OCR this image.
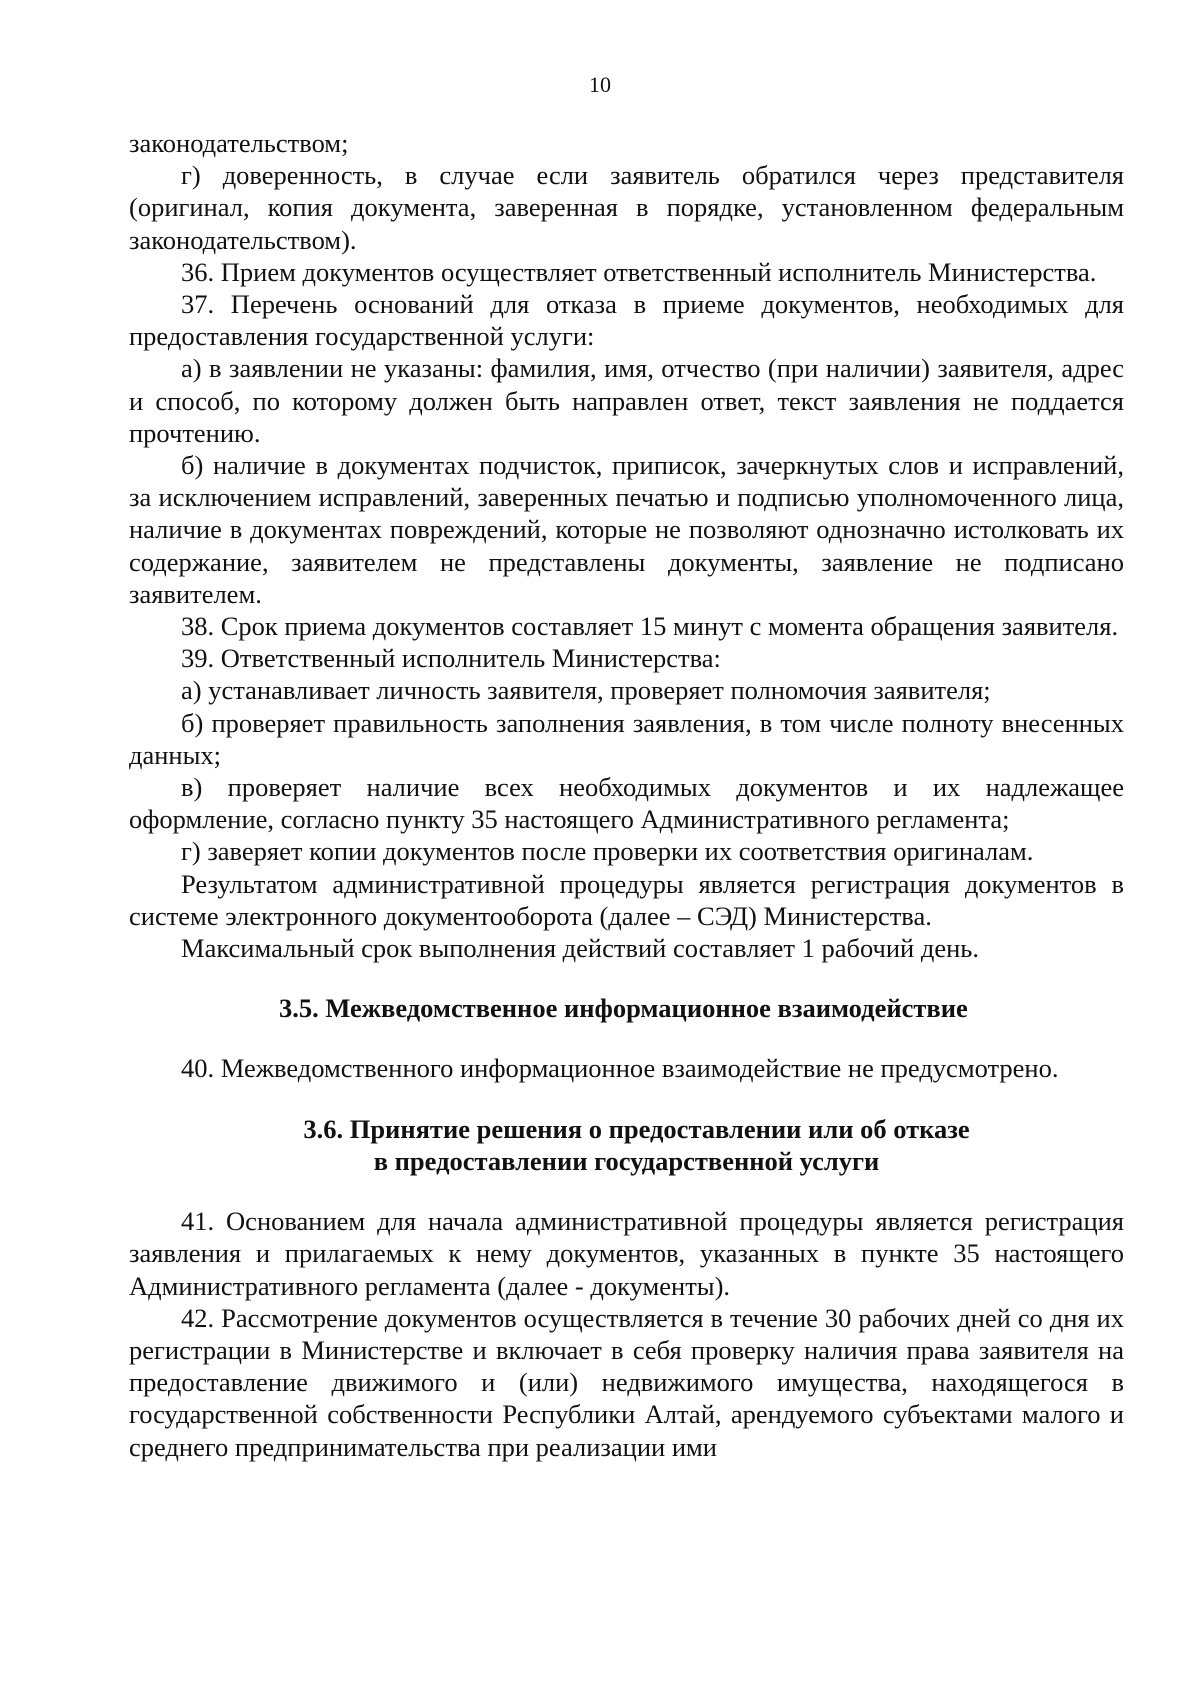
10

законодательством;

г) доверенность, в случае если заявитель обратился через представителя (оригинал, копия документа, заверенная в порядке, установленном федеральным законодательством).

36. Прием документов осуществляет ответственный исполнитель Министерства.

37. Перечень оснований для отказа в приеме документов, необходимых для предоставления государственной услуги:

а) в заявлении не указаны: фамилия, имя, отчество (при наличии) заявителя, адрес и способ, по которому должен быть направлен ответ, текст заявления не поддается прочтению.

б) наличие в документах подчисток, приписок, зачеркнутых слов и исправлений, за исключением исправлений, заверенных печатью и подписью уполномоченного лица, наличие в документах повреждений, которые не позволяют однозначно истолковать их содержание, заявителем не представлены документы, заявление не подписано заявителем.

38. Срок приема документов составляет 15 минут с момента обращения заявителя.

39. Ответственный исполнитель Министерства:

а) устанавливает личность заявителя, проверяет полномочия заявителя;

б) проверяет правильность заполнения заявления, в том числе полноту внесенных данных;

в) проверяет наличие всех необходимых документов и их надлежащее оформление, согласно пункту 35 настоящего Административного регламента;

г) заверяет копии документов после проверки их соответствия оригиналам.

Результатом административной процедуры является регистрация документов в системе электронного документооборота (далее – СЭД) Министерства.

Максимальный срок выполнения действий составляет 1 рабочий день.

3.5. Межведомственное информационное взаимодействие

40. Межведомственного информационное взаимодействие не предусмотрено.

3.6. Принятие решения о предоставлении или об отказе
в предоставлении государственной услуги

41. Основанием для начала административной процедуры является регистрация заявления и прилагаемых к нему документов, указанных в пункте 35 настоящего Административного регламента (далее - документы).

42. Рассмотрение документов осуществляется в течение 30 рабочих дней со дня их регистрации в Министерстве и включает в себя проверку наличия права заявителя на предоставление движимого и (или) недвижимого имущества, находящегося в государственной собственности Республики Алтай, арендуемого субъектами малого и среднего предпринимательства при реализации ими
